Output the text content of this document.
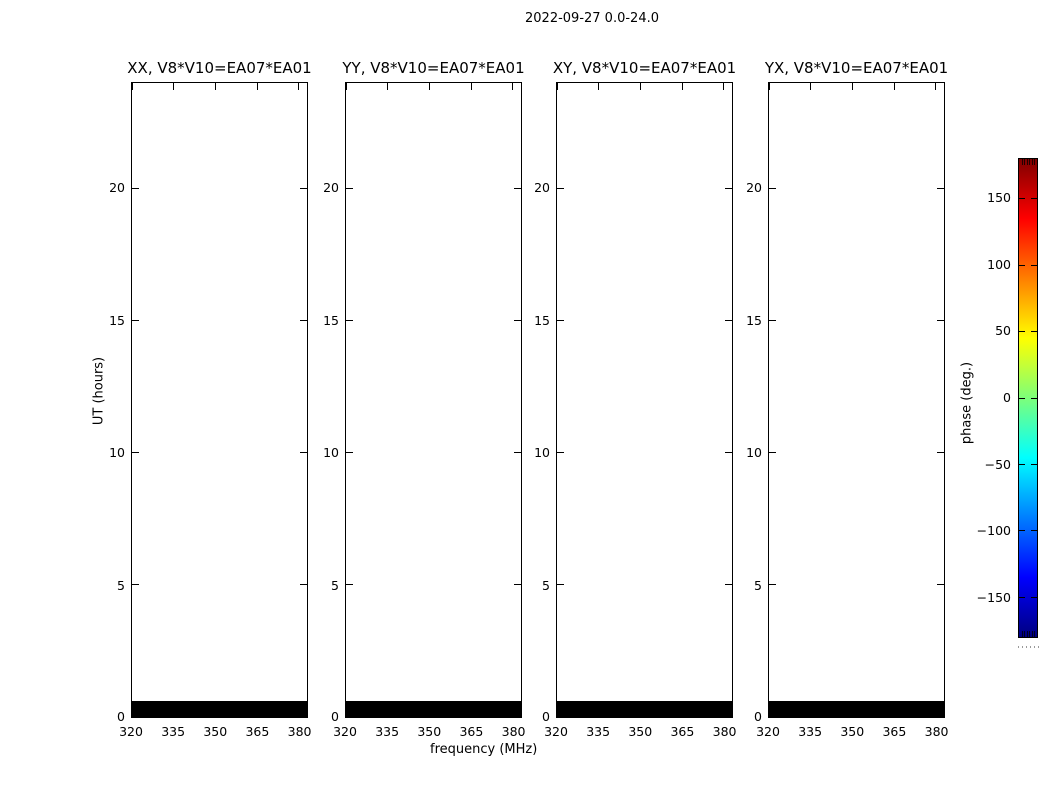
2022-09-27 0.0-24.0
XX, V8*V10=EA07*EA01
20
15
10
5
0
320	335	350	365	380
YY, V8*V10=EA07*EA01
20
15
10
5
0
320	335	350	365	380
XY, V8*V10=EA07*EA01
20
15
10
5
0
320	335	350	365	380
YX, V8*V10=EA07*EA01
20
15
10
5
0
320	335	350	365	380
UT (hours)
frequency (MHz)
phase (deg.)
150
100
50
0
−50
−100
−150
